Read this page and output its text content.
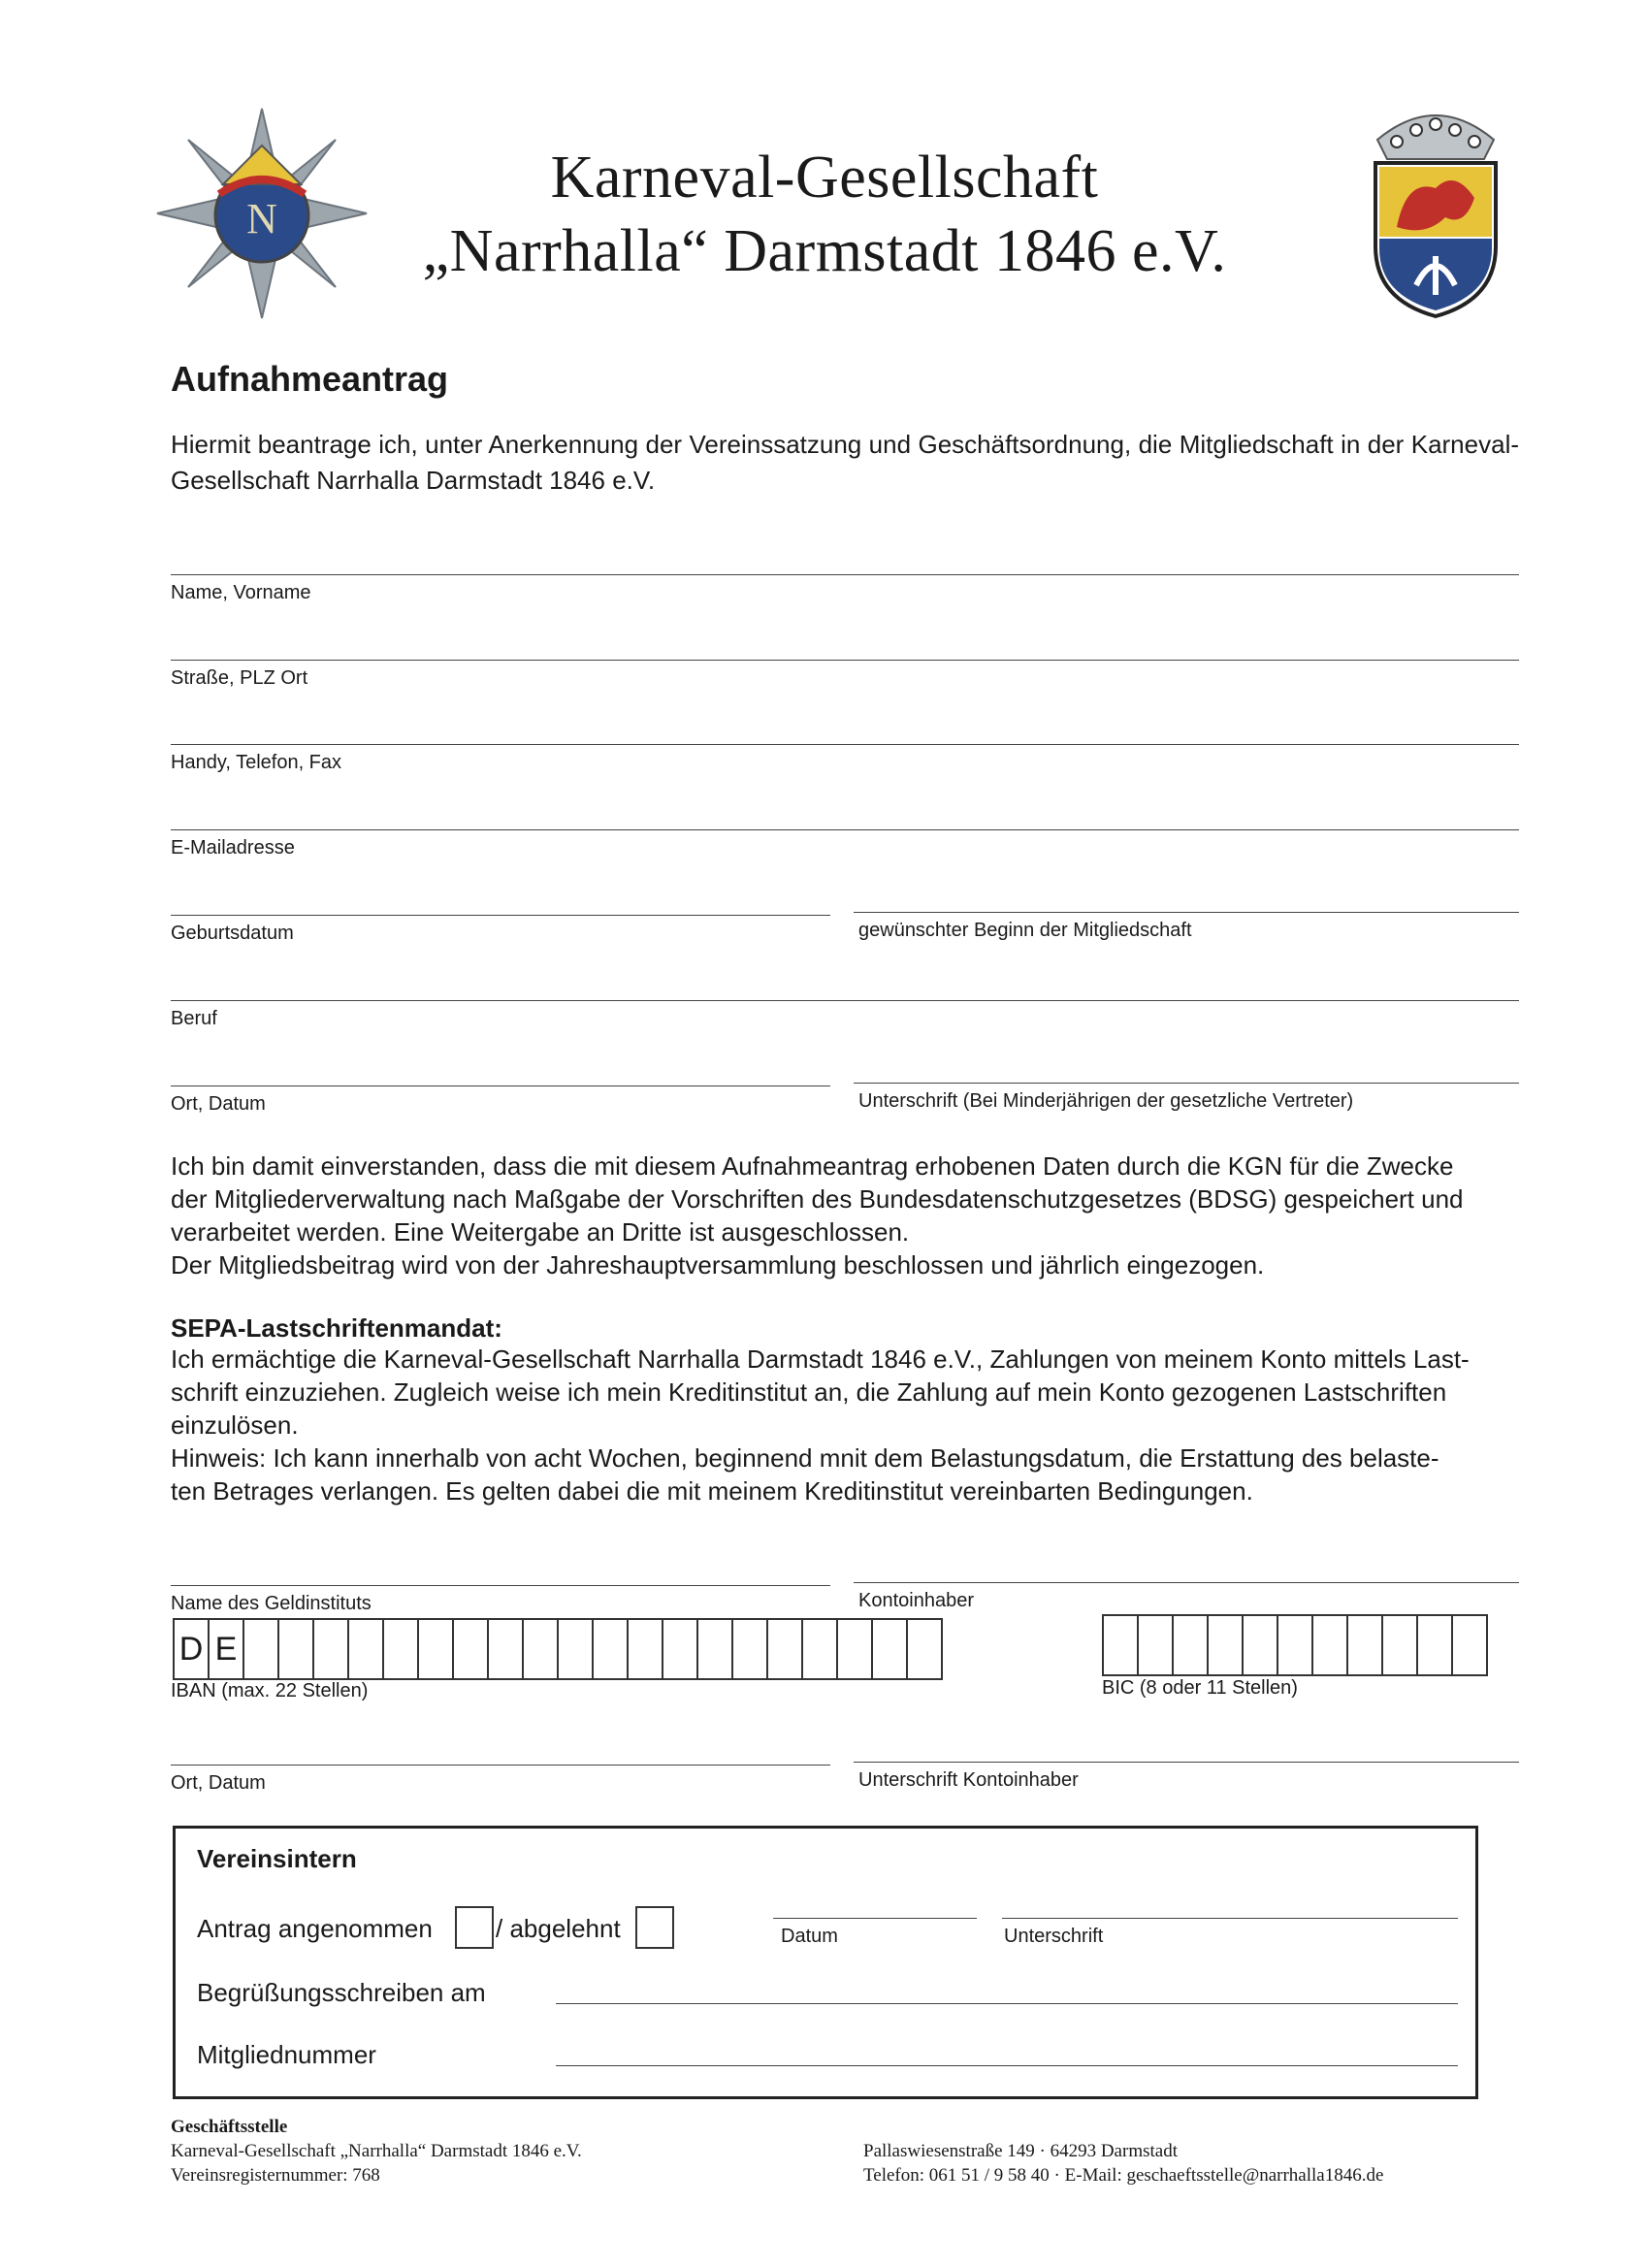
N
Karneval-Gesellschaft
„Narrhalla“ Darmstadt 1846 e.V.
Aufnahmeantrag
Hiermit beantrage ich, unter Anerkennung der Vereinssatzung und Geschäftsordnung, die Mitgliedschaft in der Karneval-Gesellschaft Narrhalla Darmstadt 1846 e.V.
Name, Vorname
Straße, PLZ Ort
Handy, Telefon, Fax
E-Mailadresse
Geburtsdatum	gewünschter Beginn der Mitgliedschaft
Beruf
Ort, Datum	Unterschrift (Bei Minderjährigen der gesetzliche Vertreter)
Ich bin damit einverstanden, dass die mit diesem Aufnahmeantrag erhobenen Daten durch die KGN für die Zwecke
der Mitgliederverwaltung nach Maßgabe der Vorschriften des Bundesdatenschutzgesetzes (BDSG) gespeichert und
verarbeitet werden. Eine Weitergabe an Dritte ist ausgeschlossen.
Der Mitgliedsbeitrag wird von der Jahreshauptversammlung beschlossen und jährlich eingezogen.
SEPA-Lastschriftenmandat:
Ich ermächtige die Karneval-Gesellschaft Narrhalla Darmstadt 1846 e.V., Zahlungen von meinem Konto mittels Last-
schrift einzuziehen. Zugleich weise ich mein Kreditinstitut an, die Zahlung auf mein Konto gezogenen Lastschriften
einzulösen.
Hinweis: Ich kann innerhalb von acht Wochen, beginnend mnit dem Belastungsdatum, die Erstattung des belaste-
ten Betrages verlangen. Es gelten dabei die mit meinem Kreditinstitut vereinbarten Bedingungen.
Name des Geldinstituts	Kontoinhaber
D E
IBAN (max. 22 Stellen)	BIC (8 oder 11 Stellen)
Ort, Datum	Unterschrift Kontoinhaber
Vereinsintern
Antrag angenommen	/ abgelehnt	Datum	Unterschrift
Begrüßungsschreiben am
Mitgliednummer
Geschäftsstelle
Karneval-Gesellschaft „Narrhalla“ Darmstadt 1846 e.V.
Vereinsregisternummer: 768
Pallaswiesenstraße 149 · 64293 Darmstadt
Telefon: 061 51 / 9 58 40 · E-Mail: geschaeftsstelle@narrhalla1846.de
